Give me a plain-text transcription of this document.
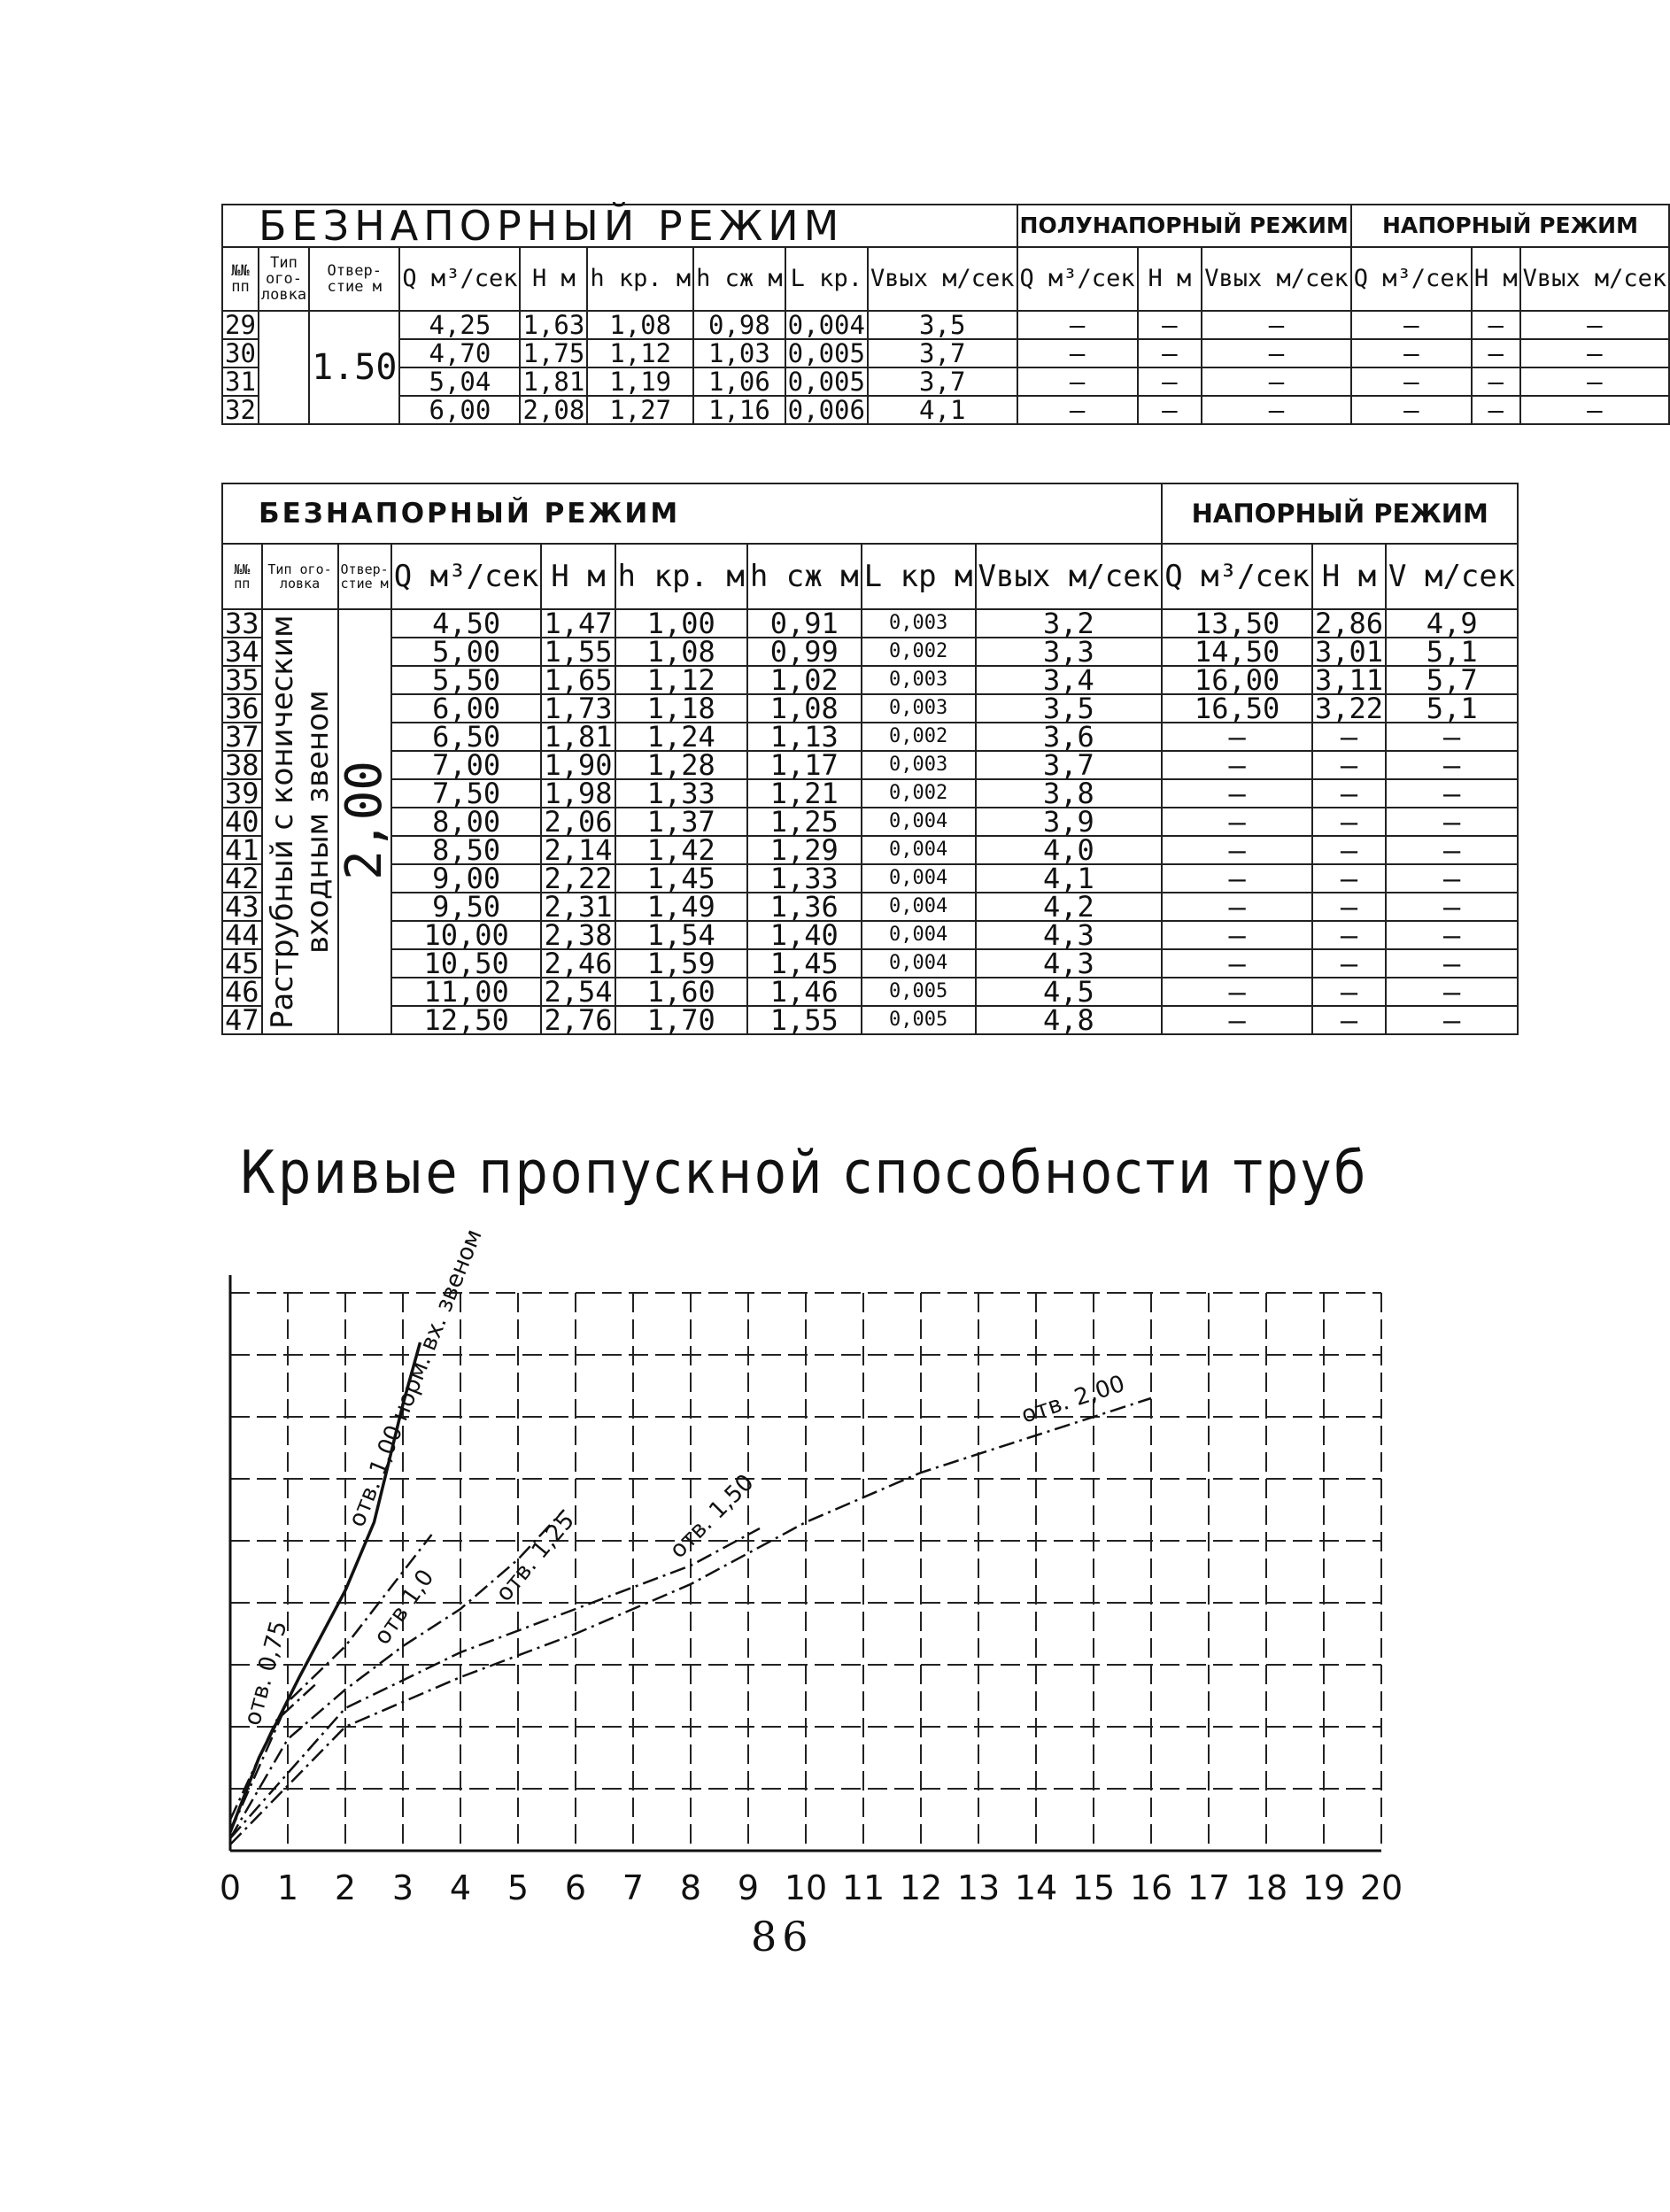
БЕЗНАПОРНЫЙ РЕЖИМ									ПОЛУНАПОРНЫЙ РЕЖИМ			НАПОРНЫЙ РЕЖИМ		
№№ пп	Тип ого- ловка	Отвер- стие м	Q м³/сек	H м	h кр. м	h сж м	L кр.	Vвых м/сек	Q м³/сек	H м	Vвых м/сек	Q м³/сек	H м	Vвых м/сек
29		1.50	4,25	1,63	1,08	0,98	0,004	3,5	—	—	—	—	—	—
30			4,70	1,75	1,12	1,03	0,005	3,7	—	—	—	—	—	—
31			5,04	1,81	1,19	1,06	0,005	3,7	—	—	—	—	—	—
32			6,00	2,08	1,27	1,16	0,006	4,1	—	—	—	—	—	—
БЕЗНАПОРНЫЙ РЕЖИМ									НАПОРНЫЙ РЕЖИМ		
№№ пп	Тип ого- ловка	Отвер- стие м	Q м³/сек	H м	h кр. м	h сж м	L кр м	Vвых м/сек	Q м³/сек	H м	V м/сек
33	Раструбный с коническим входным звеном	2,00	4,50	1,47	1,00	0,91	0,003	3,2	13,50	2,86	4,9
34			5,00	1,55	1,08	0,99	0,002	3,3	14,50	3,01	5,1
35			5,50	1,65	1,12	1,02	0,003	3,4	16,00	3,11	5,7
36			6,00	1,73	1,18	1,08	0,003	3,5	16,50	3,22	5,1
37			6,50	1,81	1,24	1,13	0,002	3,6	—	—	—
38			7,00	1,90	1,28	1,17	0,003	3,7	—	—	—
39			7,50	1,98	1,33	1,21	0,002	3,8	—	—	—
40			8,00	2,06	1,37	1,25	0,004	3,9	—	—	—
41			8,50	2,14	1,42	1,29	0,004	4,0	—	—	—
42			9,00	2,22	1,45	1,33	0,004	4,1	—	—	—
43			9,50	2,31	1,49	1,36	0,004	4,2	—	—	—
44			10,00	2,38	1,54	1,40	0,004	4,3	—	—	—
45			10,50	2,46	1,59	1,45	0,004	4,3	—	—	—
46			11,00	2,54	1,60	1,46	0,005	4,5	—	—	—
47			12,50	2,76	1,70	1,55	0,005	4,8	—	—	—
Кривые пропускной способности труб
0 1 2 3 4 5 6 7 8 9 10 11 12 13 14 15 16 17 18 19 20
отв. 1,00 норм. вх. звеном
отв 1,0
отв. 0,75
отв. 1,25	отв. 1,50
отв. 2,00
86
